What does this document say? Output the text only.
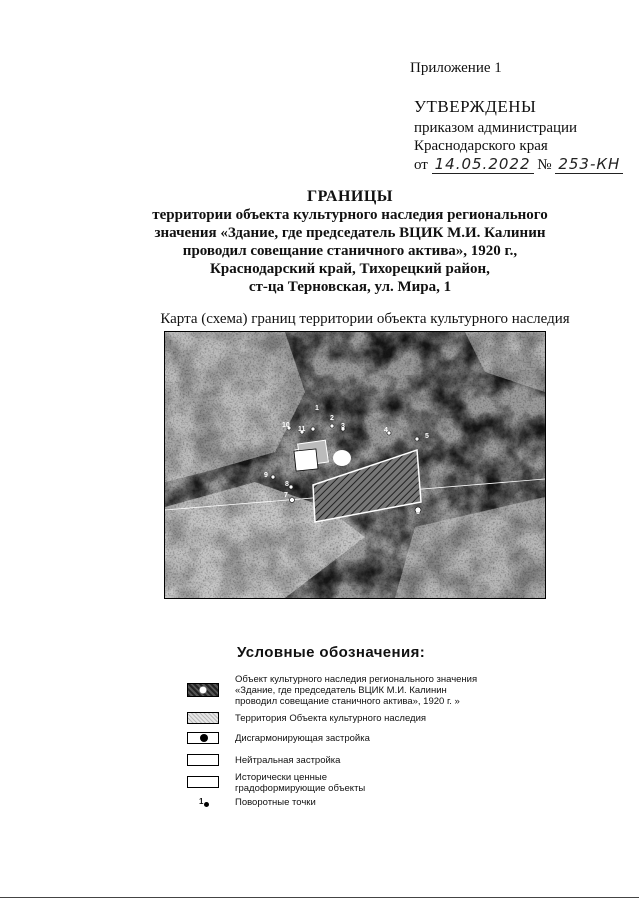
Приложение 1
УТВЕРЖДЕНЫ
приказом администрации
Краснодарского края
от 14.05.2022 № 253-КН
ГРАНИЦЫ
территории объекта культурного наследия регионального
значения «Здание, где председатель ВЦИК М.И. Калинин
проводил совещание станичного актива», 1920 г.,
Краснодарский край, Тихорецкий район,
ст-ца Терновская, ул. Мира, 1
Карта (схема) границ территории объекта культурного наследия
1
2
3
4
5
6
7
8
9
10
11
Условные обозначения:
Объект культурного наследия регионального значения
«Здание, где председатель ВЦИК М.И. Калинин
проводил совещание станичного актива», 1920 г. »
Территория Объекта культурного наследия
Дисгармонирующая застройка
Нейтральная застройка
Исторически ценные
градоформирующие объекты
1	Поворотные точки
